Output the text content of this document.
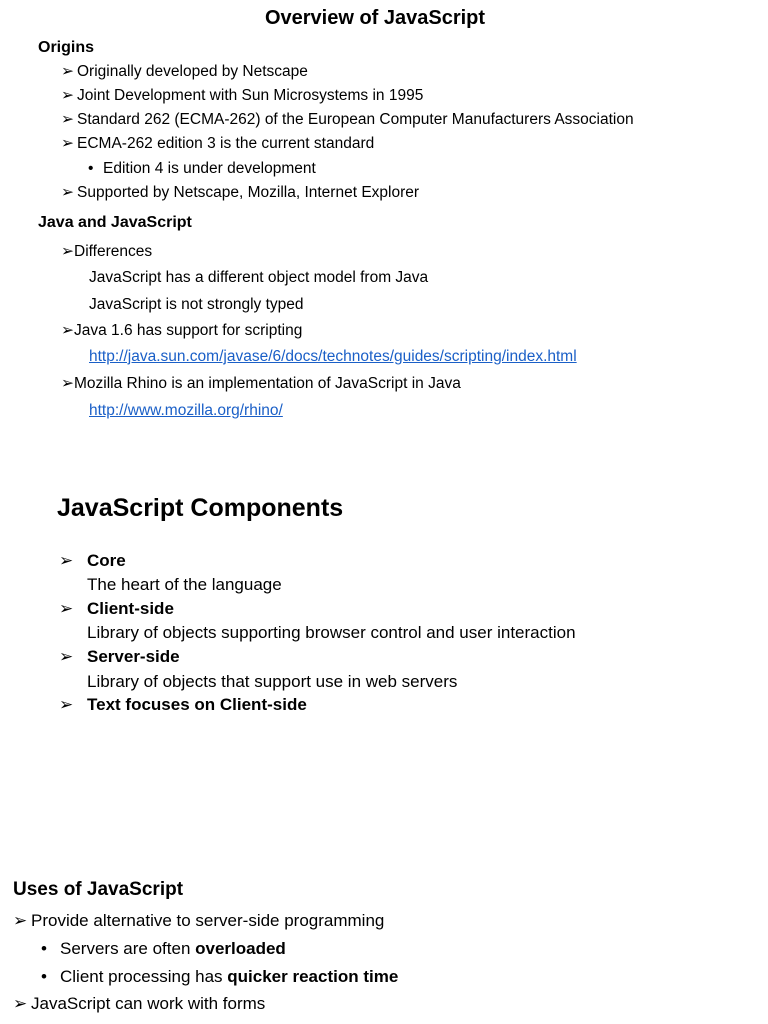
Overview of JavaScript
Origins
➢ Originally developed by Netscape
➢ Joint Development with Sun Microsystems in 1995
➢ Standard 262 (ECMA-262) of the European Computer Manufacturers Association
➢ ECMA-262 edition 3 is the current standard
• Edition 4 is under development
➢ Supported by Netscape, Mozilla, Internet Explorer
Java and JavaScript
➢Differences
JavaScript has a different object model from Java
JavaScript is not strongly typed
➢Java 1.6 has support for scripting
http://java.sun.com/javase/6/docs/technotes/guides/scripting/index.html
➢Mozilla Rhino is an implementation of JavaScript in Java
http://www.mozilla.org/rhino/
JavaScript Components
➢ Core
The heart of the language
➢ Client-side
Library of objects supporting browser control and user interaction
➢ Server-side
Library of objects that support use in web servers
➢ Text focuses on Client-side
Uses of JavaScript
➢ Provide alternative to server-side programming
• Servers are often overloaded
• Client processing has quicker reaction time
➢ JavaScript can work with forms
